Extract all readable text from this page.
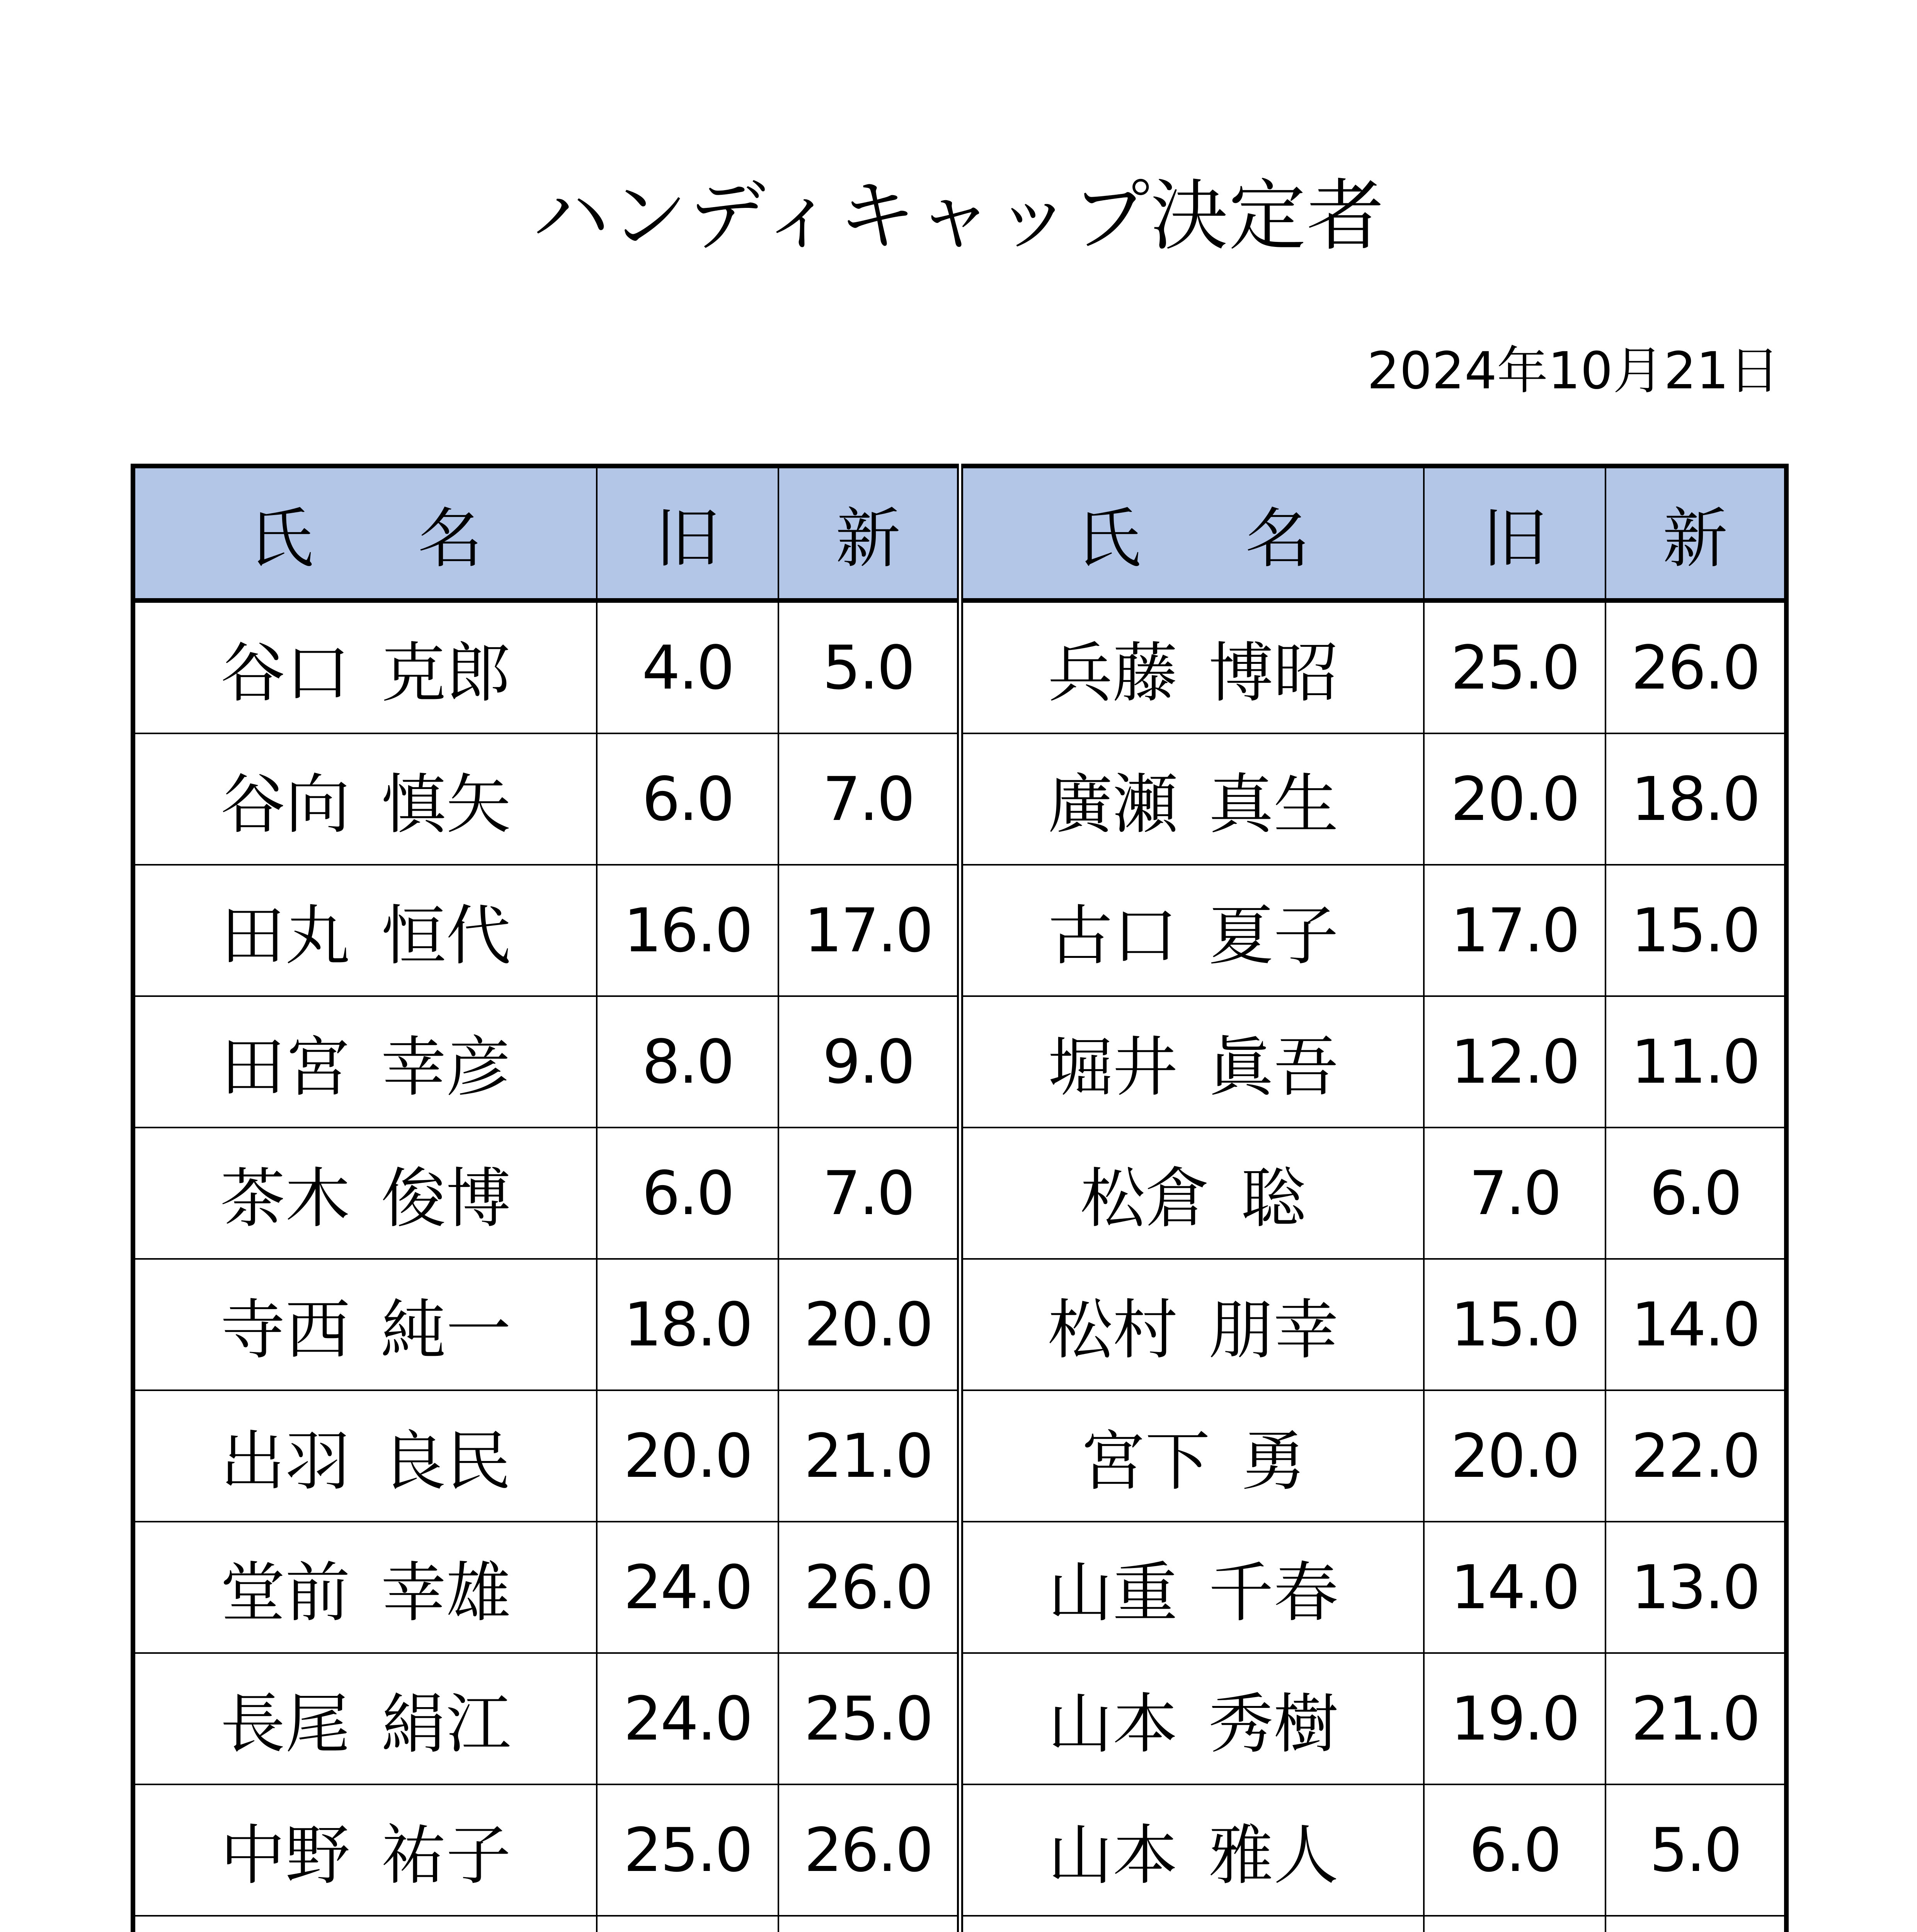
ハンディキャップ決定者
2024年10月21日
氏 名	旧	新	氏 名	旧	新
谷口 克郎	4.0	5.0	兵藤 博昭	25.0	26.0
谷向 慎矢	6.0	7.0	廣瀬 真生	20.0	18.0
田丸 恒代	16.0	17.0	古口 夏子	17.0	15.0
田宮 幸彦	8.0	9.0	堀井 眞吾	12.0	11.0
茶木 俊博	6.0	7.0	松倉 聡	7.0	6.0
寺西 純一	18.0	20.0	松村 朋幸	15.0	14.0
出羽 良民	20.0	21.0	宮下 勇	20.0	22.0
堂前 幸雄	24.0	26.0	山重 千春	14.0	13.0
長尾 絹江	24.0	25.0	山本 秀樹	19.0	21.0
中野 祐子	25.0	26.0	山本 雅人	6.0	5.0
